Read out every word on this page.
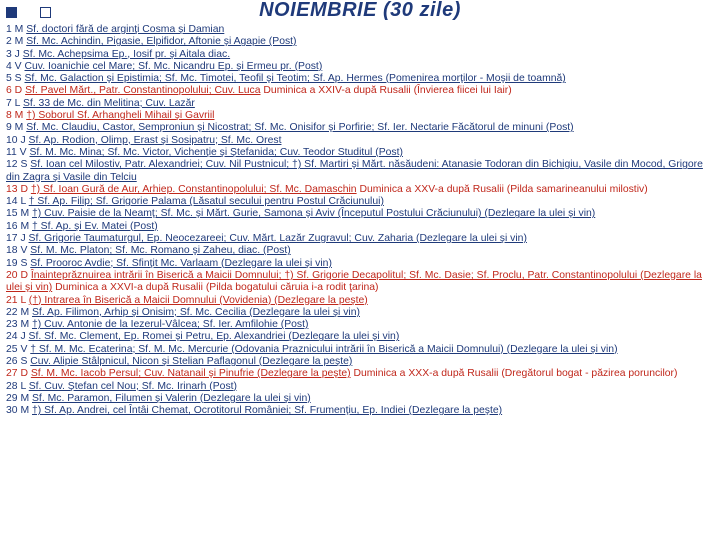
NOIEMBRIE (30 zile)
1 M Sf. doctori fără de arginţi Cosma şi Damian
2 M Sf. Mc. Achindin, Pigasie, Elpifidor, Aftonie şi Agapie (Post)
3 J Sf. Mc. Achepsima Ep., Iosif pr. şi Aitala diac.
4 V Cuv. Ioanichie cel Mare; Sf. Mc. Nicandru Ep. şi Ermeu pr. (Post)
5 S Sf. Mc. Galaction şi Epistimia; Sf. Mc. Timotei, Teofil şi Teotim; Sf. Ap. Hermes (Pomenirea morţilor - Moşii de toamnă)
6 D Sf. Pavel Mărt., Patr. Constantinopolului; Cuv. Luca Duminica a XXIV-a după Rusalii (Învierea fiicei lui Iair)
7 L Sf. 33 de Mc. din Melitina; Cuv. Lazăr
8 M †) Soborul Sf. Arhangheli Mihail şi Gavriil
9 M Sf. Mc. Claudiu, Castor, Semproniun şi Nicostrat; Sf. Mc. Onisifor şi Porfirie; Sf. Ier. Nectarie Făcătorul de minuni (Post)
10 J Sf. Ap. Rodion, Olimp, Erast şi Sosipatru; Sf. Mc. Orest
11 V Sf. M. Mc. Mina; Sf. Mc. Victor, Vichenţie şi Ştefanida; Cuv. Teodor Studitul (Post)
12 S Sf. Ioan cel Milostiv, Patr. Alexandriei; Cuv. Nil Pustnicul; †) Sf. Martiri şi Mărt. năsăudeni: Atanasie Todoran din Bichigiu, Vasile din Mocod, Grigore din Zagra şi Vasile din Telciu
13 D †) Sf. Ioan Gură de Aur, Arhiep. Constantinopolului; Sf. Mc. Damaschin Duminica a XXV-a după Rusalii (Pilda samarineanului milostiv)
14 L † Sf. Ap. Filip; Sf. Grigorie Palama (Lăsatul secului pentru Postul Crăciunului)
15 M †) Cuv. Paisie de la Neamţ; Sf. Mc. şi Mărt. Gurie, Samona şi Aviv (Începutul Postului Crăciunului) (Dezlegare la ulei şi vin)
16 M † Sf. Ap. şi Ev. Matei (Post)
17 J Sf. Grigorie Taumaturgul, Ep. Neocezareei; Cuv. Mărt. Lazăr Zugravul; Cuv. Zaharia (Dezlegare la ulei şi vin)
18 V Sf. M. Mc. Platon; Sf. Mc. Romano şi Zaheu, diac. (Post)
19 S Sf. Prooroc Avdie; Sf. Sfinţit Mc. Varlaam (Dezlegare la ulei şi vin)
20 D Înainteprăznuirea intrării în Biserică a Maicii Domnului; †) Sf. Grigorie Decapolitul; Sf. Mc. Dasie; Sf. Proclu, Patr. Constantinopolului (Dezlegare la ulei şi vin) Duminica a XXVI-a după Rusalii (Pilda bogatului căruia i-a rodit ţarina)
21 L (†) Intrarea în Biserică a Maicii Domnului (Vovidenia) (Dezlegare la peşte)
22 M Sf. Ap. Filimon, Arhip şi Onisim; Sf. Mc. Cecilia (Dezlegare la ulei şi vin)
23 M †) Cuv. Antonie de la Iezerul-Vâlcea; Sf. Ier. Amfilohie (Post)
24 J Sf. Sf. Mc. Clement, Ep. Romei şi Petru, Ep. Alexandriei (Dezlegare la ulei şi vin)
25 V † Sf. M. Mc. Ecaterina; Sf. M. Mc. Mercurie (Odovania Praznicului intrării în Biserică a Maicii Domnului) (Dezlegare la ulei şi vin)
26 S Cuv. Alipie Stâlpnicul, Nicon şi Stelian Paflagonul (Dezlegare la peşte)
27 D Sf. M. Mc. Iacob Persul; Cuv. Natanail şi Pinufrie (Dezlegare la peşte) Duminica a XXX-a după Rusalii (Dregătorul bogat - păzirea poruncilor)
28 L Sf. Cuv. Ştefan cel Nou; Sf. Mc. Irinarh (Post)
29 M Sf. Mc. Paramon, Filumen şi Valerin (Dezlegare la ulei şi vin)
30 M †) Sf. Ap. Andrei, cel Întâi Chemat, Ocrotitorul României; Sf. Frumenţiu, Ep. Indiei (Dezlegare la peşte)
